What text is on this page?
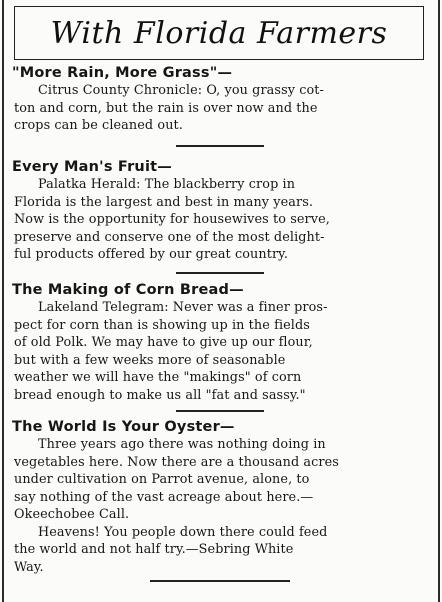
With Florida Farmers
"More Rain, More Grass"—
Citrus County Chronicle: O, you grassy cot-
ton and corn, but the rain is over now and the
crops can be cleaned out.
Every Man's Fruit—
Palatka Herald: The blackberry crop in
Florida is the largest and best in many years.
Now is the opportunity for housewives to serve,
preserve and conserve one of the most delight-
ful products offered by our great country.
The Making of Corn Bread—
Lakeland Telegram: Never was a finer pros-
pect for corn than is showing up in the fields
of old Polk. We may have to give up our flour,
but with a few weeks more of seasonable
weather we will have the "makings" of corn
bread enough to make us all "fat and sassy."
The World Is Your Oyster—
Three years ago there was nothing doing in
vegetables here. Now there are a thousand acres
under cultivation on Parrot avenue, alone, to
say nothing of the vast acreage about here.—
Okeechobee Call.
Heavens! You people down there could feed
the world and not half try.—Sebring White
Way.
